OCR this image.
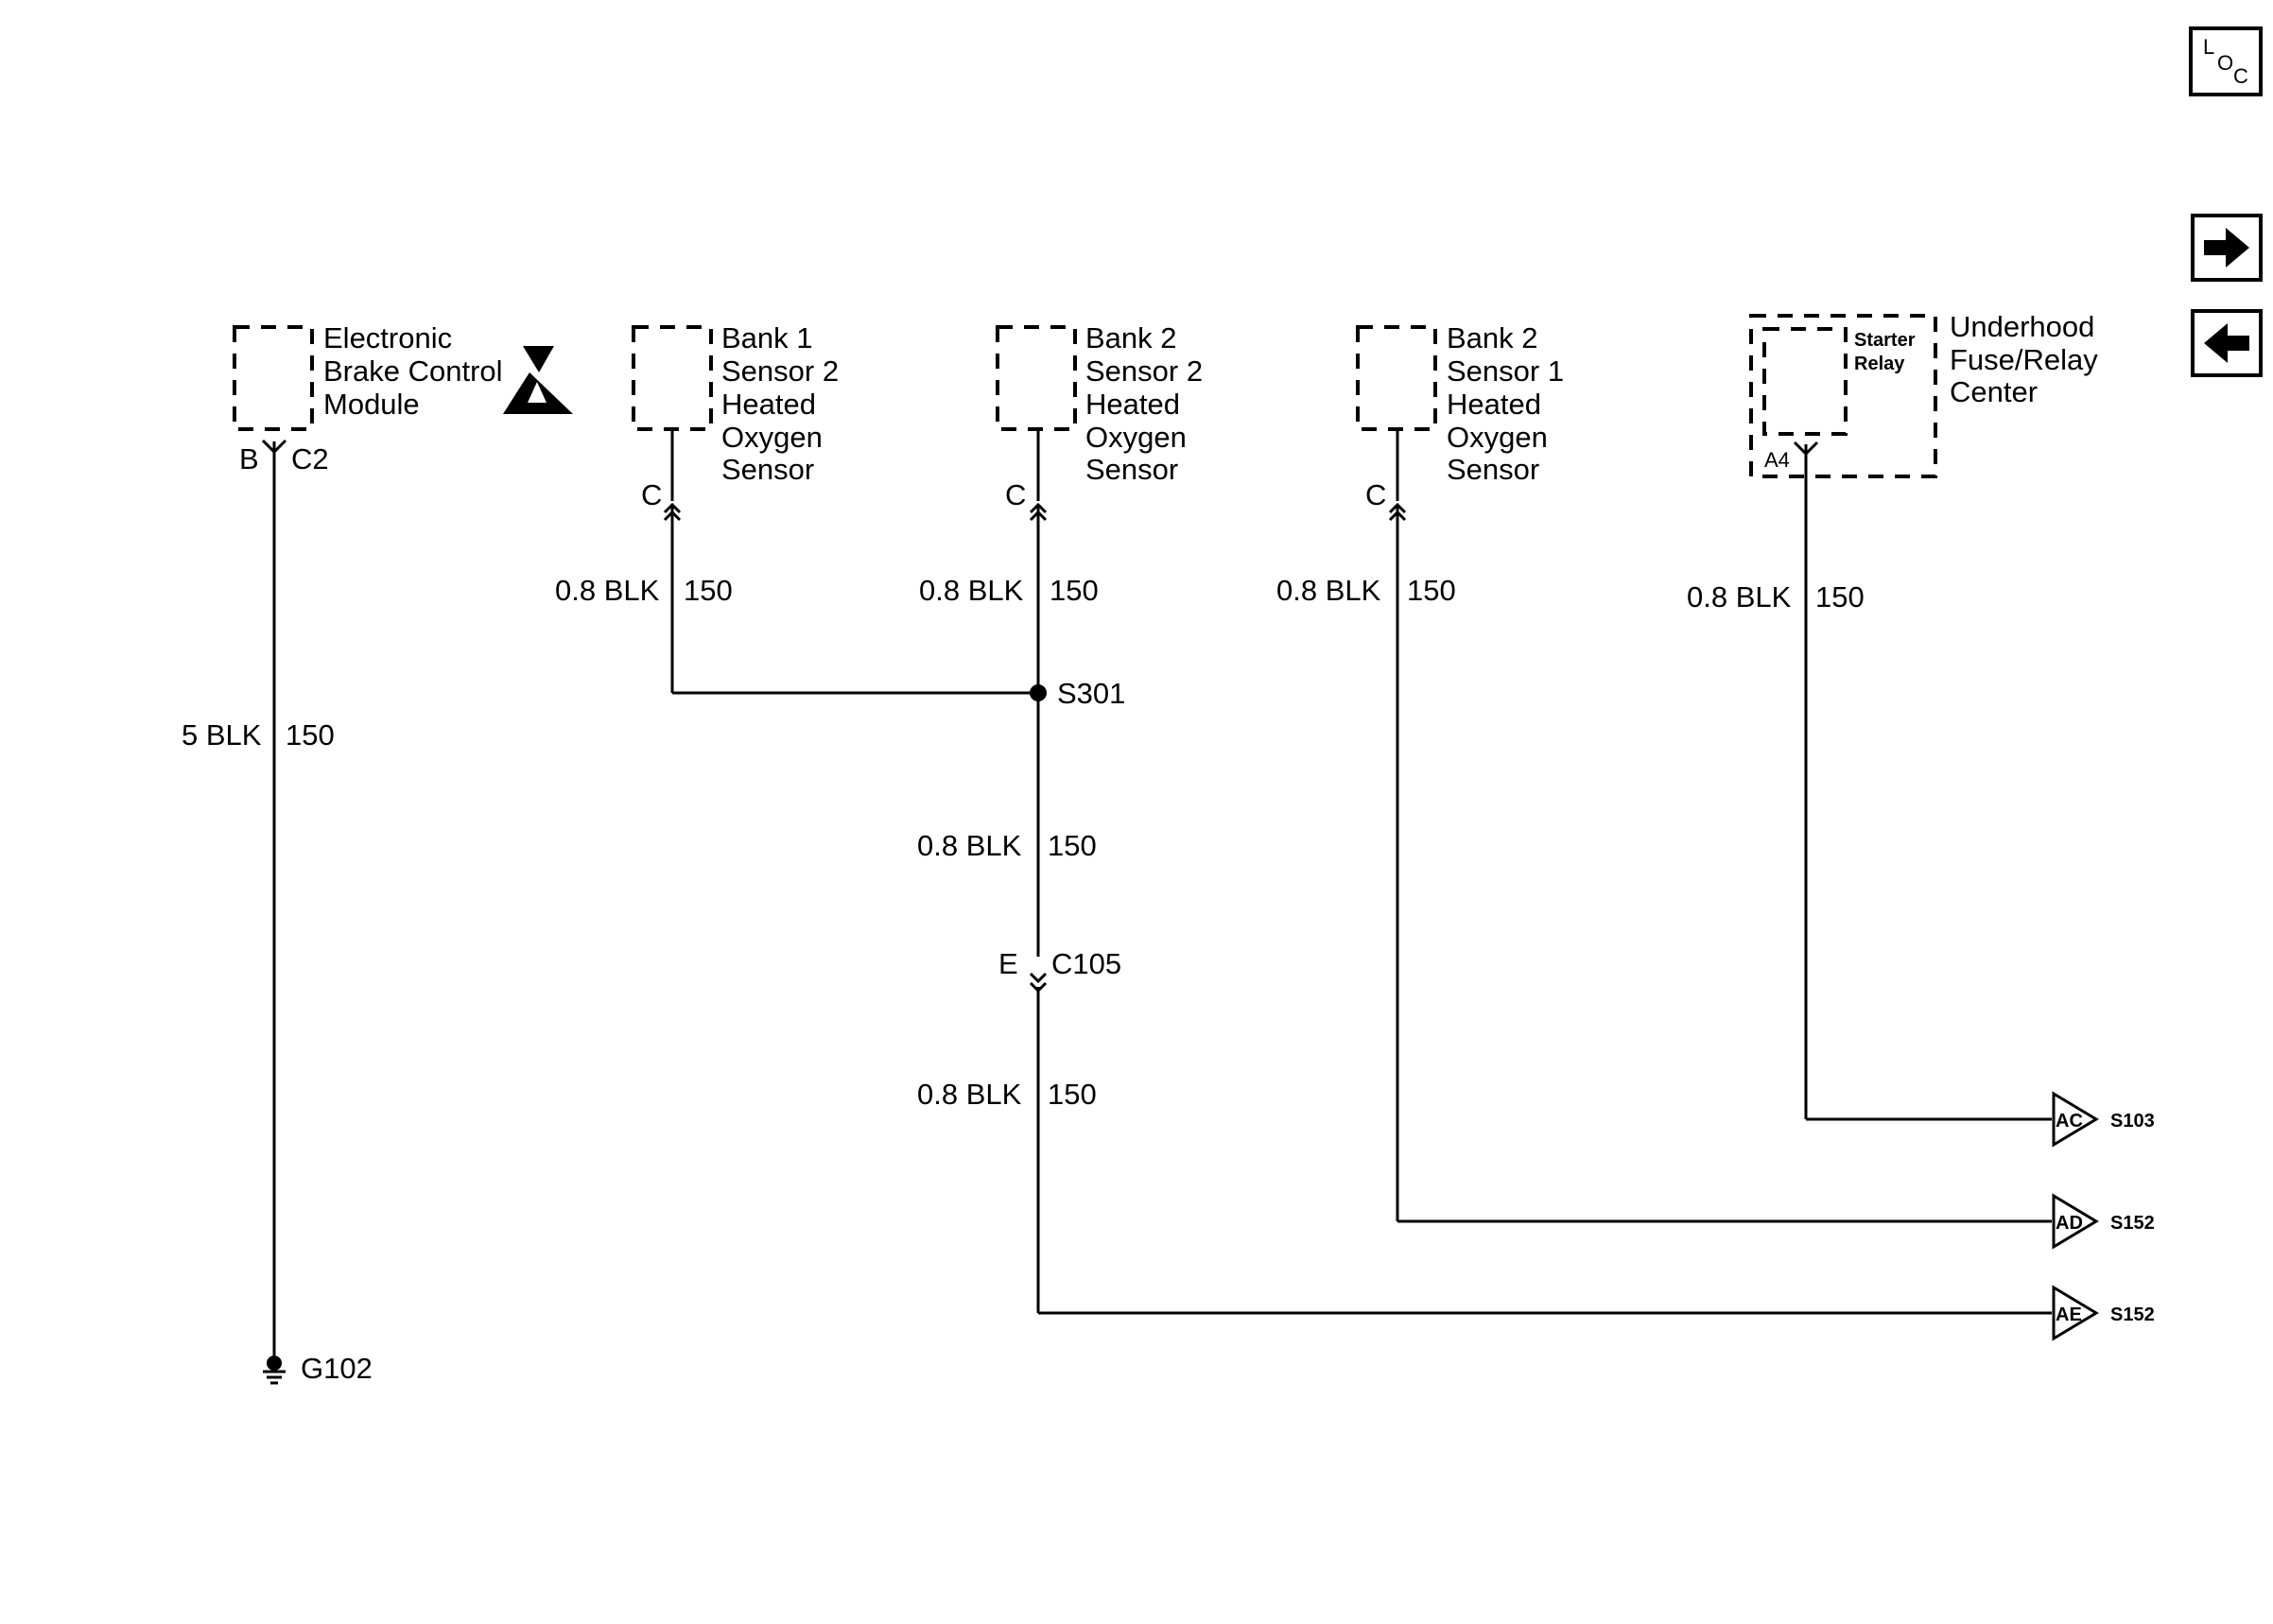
L
O
C
Electronic
Brake Control
Module
B C2
5 BLK 150
G102
Bank 1
Sensor 2
Heated
Oxygen
Sensor
C
0.8 BLK 150
Bank 2
Sensor 2
Heated
Oxygen
Sensor
C
0.8 BLK 150
S301
0.8 BLK 150
E C105
0.8 BLK 150
Bank 2
Sensor 1
Heated
Oxygen
Sensor
C
0.8 BLK 150
Starter
Relay
Underhood
Fuse/Relay
Center
A4
0.8 BLK 150
AC S103
AD S152
AE S152
